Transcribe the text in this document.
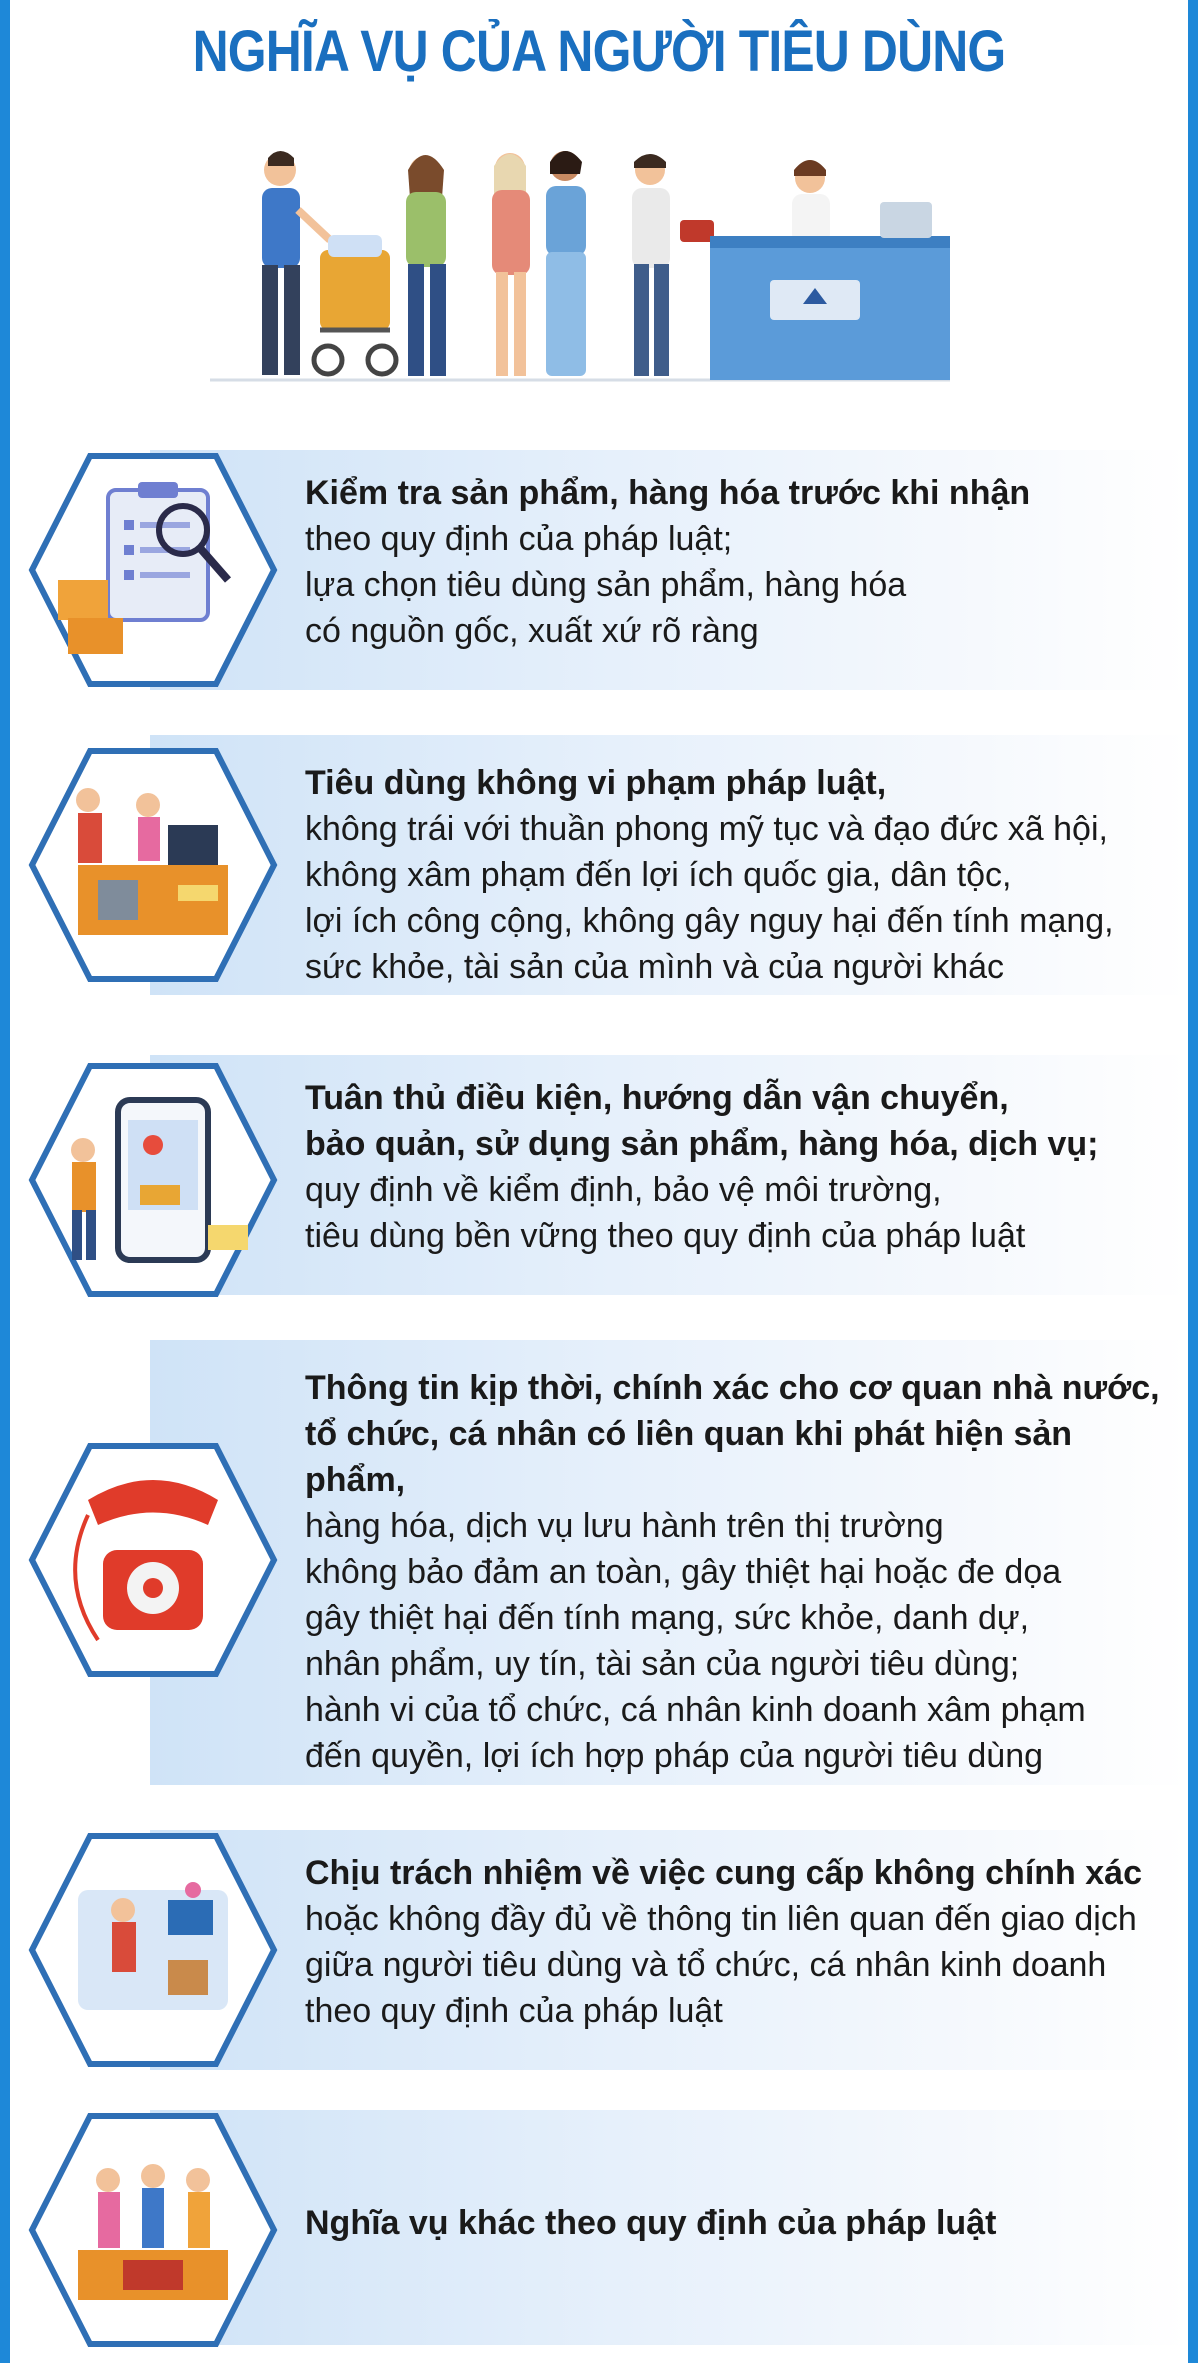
NGHĨA VỤ CỦA NGƯỜI TIÊU DÙNG
Kiểm tra sản phẩm, hàng hóa trước khi nhận
theo quy định của pháp luật;
lựa chọn tiêu dùng sản phẩm, hàng hóa
có nguồn gốc, xuất xứ rõ ràng
Tiêu dùng không vi phạm pháp luật,
không trái với thuần phong mỹ tục và đạo đức xã hội,
không xâm phạm đến lợi ích quốc gia, dân tộc,
lợi ích công cộng, không gây nguy hại đến tính mạng,
sức khỏe, tài sản của mình và của người khác
Tuân thủ điều kiện, hướng dẫn vận chuyển,
bảo quản, sử dụng sản phẩm, hàng hóa, dịch vụ;
quy định về kiểm định, bảo vệ môi trường,
tiêu dùng bền vững theo quy định của pháp luật
Thông tin kịp thời, chính xác cho cơ quan nhà nước,
tổ chức, cá nhân có liên quan khi phát hiện sản phẩm,
hàng hóa, dịch vụ lưu hành trên thị trường
không bảo đảm an toàn, gây thiệt hại hoặc đe dọa
gây thiệt hại đến tính mạng, sức khỏe, danh dự,
nhân phẩm, uy tín, tài sản của người tiêu dùng;
hành vi của tổ chức, cá nhân kinh doanh xâm phạm
đến quyền, lợi ích hợp pháp của người tiêu dùng
Chịu trách nhiệm về việc cung cấp không chính xác
hoặc không đầy đủ về thông tin liên quan đến giao dịch
giữa người tiêu dùng và tổ chức, cá nhân kinh doanh
theo quy định của pháp luật
Nghĩa vụ khác theo quy định của pháp luật
